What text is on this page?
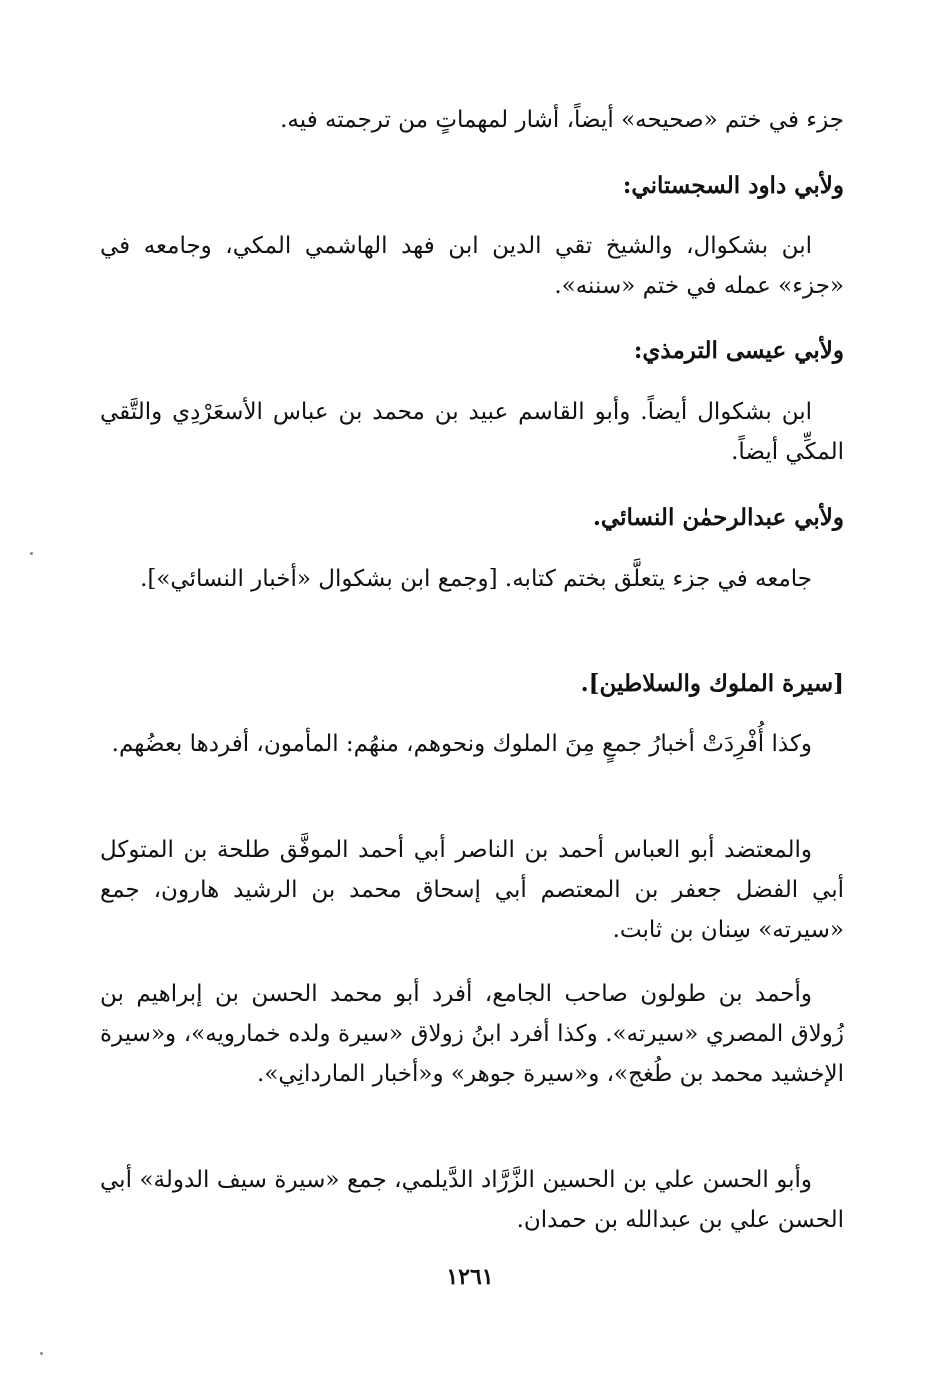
جزء في ختم «صحيحه» أيضاً، أشار لمهماتٍ من ترجمته فيه.
ولأبي داود السجستاني:
ابن بشكوال، والشيخ تقي الدين ابن فهد الهاشمي المكي، وجامعه في «جزء» عمله في ختم «سننه».
ولأبي عيسى الترمذي:
ابن بشكوال أيضاً. وأبو القاسم عبيد بن محمد بن عباس الأسعَرْدِي والتَّقي المكِّي أيضاً.
ولأبي عبدالرحمٰن النسائي.
جامعه في جزء يتعلَّق بختم كتابه. [وجمع ابن بشكوال «أخبار النسائي»].
[سيرة الملوك والسلاطين].
وكذا أُفْرِدَتْ أخبارُ جمعٍ مِنَ الملوك ونحوهم، منهُم: المأمون، أفردها بعضُهم.
والمعتضد أبو العباس أحمد بن الناصر أبي أحمد الموفَّق طلحة بن المتوكل أبي الفضل جعفر بن المعتصم أبي إسحاق محمد بن الرشيد هارون، جمع «سيرته» سِنان بن ثابت.
وأحمد بن طولون صاحب الجامع، أفرد أبو محمد الحسن بن إبراهيم بن زُولاق المصري «سيرته». وكذا أفرد ابنُ زولاق «سيرة ولده خمارويه»، و«سيرة الإخشيد محمد بن طُغج»، و«سيرة جوهر» و«أخبار الماردانِي».
وأبو الحسن علي بن الحسين الزَّرَّاد الدَّيلمي، جمع «سيرة سيف الدولة» أبي الحسن علي بن عبدالله بن حمدان.
١٢٦١
